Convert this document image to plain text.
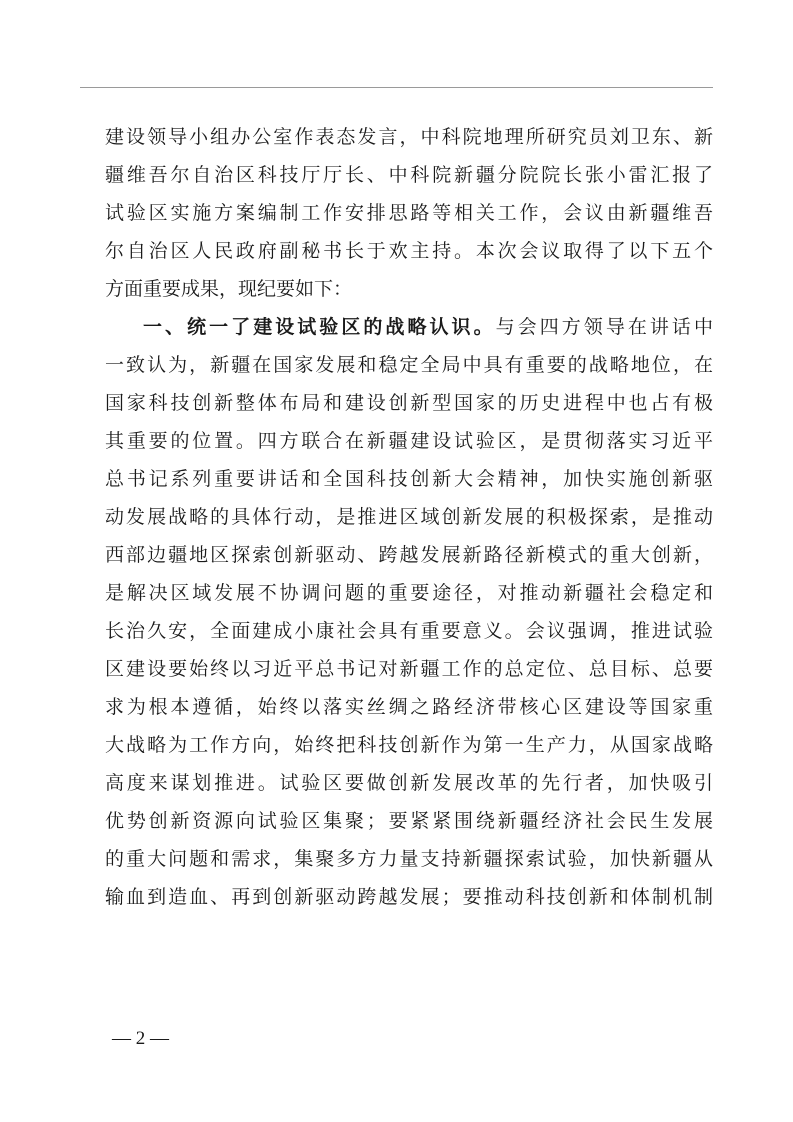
建设领导小组办公室作表态发言，中科院地理所研究员刘卫东、新
疆维吾尔自治区科技厅厅长、中科院新疆分院院长张小雷汇报了
试验区实施方案编制工作安排思路等相关工作，会议由新疆维吾
尔自治区人民政府副秘书长于欢主持。本次会议取得了以下五个
方面重要成果，现纪要如下：
一、统一了建设试验区的战略认识。与会四方领导在讲话中
一致认为，新疆在国家发展和稳定全局中具有重要的战略地位，在
国家科技创新整体布局和建设创新型国家的历史进程中也占有极
其重要的位置。四方联合在新疆建设试验区，是贯彻落实习近平
总书记系列重要讲话和全国科技创新大会精神，加快实施创新驱
动发展战略的具体行动，是推进区域创新发展的积极探索，是推动
西部边疆地区探索创新驱动、跨越发展新路径新模式的重大创新，
是解决区域发展不协调问题的重要途径，对推动新疆社会稳定和
长治久安，全面建成小康社会具有重要意义。会议强调，推进试验
区建设要始终以习近平总书记对新疆工作的总定位、总目标、总要
求为根本遵循，始终以落实丝绸之路经济带核心区建设等国家重
大战略为工作方向，始终把科技创新作为第一生产力，从国家战略
高度来谋划推进。试验区要做创新发展改革的先行者，加快吸引
优势创新资源向试验区集聚；要紧紧围绕新疆经济社会民生发展
的重大问题和需求，集聚多方力量支持新疆探索试验，加快新疆从
输血到造血、再到创新驱动跨越发展；要推动科技创新和体制机制
— 2 —
